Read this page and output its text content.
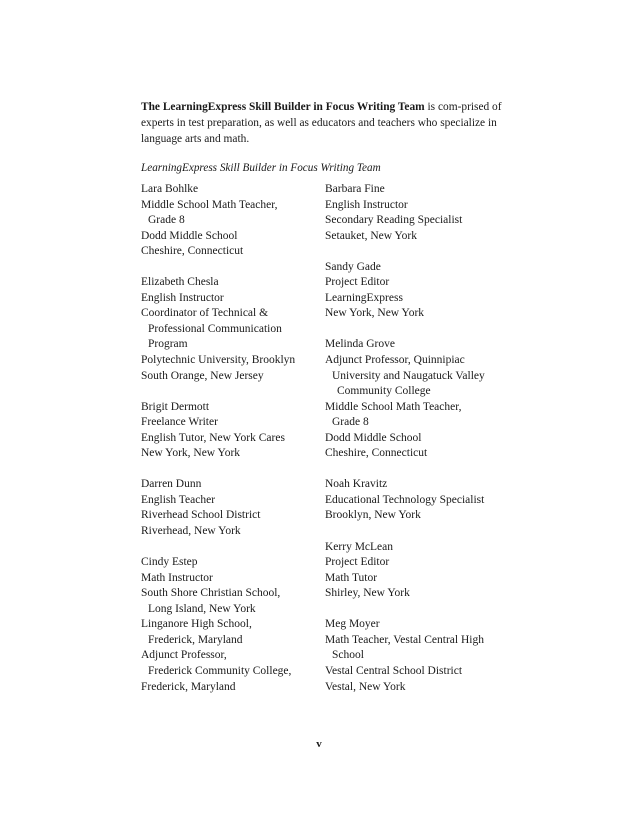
The LearningExpress Skill Builder in Focus Writing Team is com-prised of experts in test preparation, as well as educators and teachers who specialize in language arts and math.

LearningExpress Skill Builder in Focus Writing Team

Lara Bohlke
Middle School Math Teacher,
Grade 8
Dodd Middle School
Cheshire, Connecticut
Elizabeth Chesla
English Instructor
Coordinator of Technical &
Professional Communication
Program
Polytechnic University, Brooklyn
South Orange, New Jersey
Brigit Dermott
Freelance Writer
English Tutor, New York Cares
New York, New York
Darren Dunn
English Teacher
Riverhead School District
Riverhead, New York
Cindy Estep
Math Instructor
South Shore Christian School,
Long Island, New York
Linganore High School,
Frederick, Maryland
Adjunct Professor,
Frederick Community College,
Frederick, Maryland
Barbara Fine
English Instructor
Secondary Reading Specialist
Setauket, New York
Sandy Gade
Project Editor
LearningExpress
New York, New York
Melinda Grove
Adjunct Professor, Quinnipiac
University and Naugatuck Valley
Community College
Middle School Math Teacher,
Grade 8
Dodd Middle School
Cheshire, Connecticut
Noah Kravitz
Educational Technology Specialist
Brooklyn, New York
Kerry McLean
Project Editor
Math Tutor
Shirley, New York
Meg Moyer
Math Teacher, Vestal Central High
School
Vestal Central School District
Vestal, New York
v
